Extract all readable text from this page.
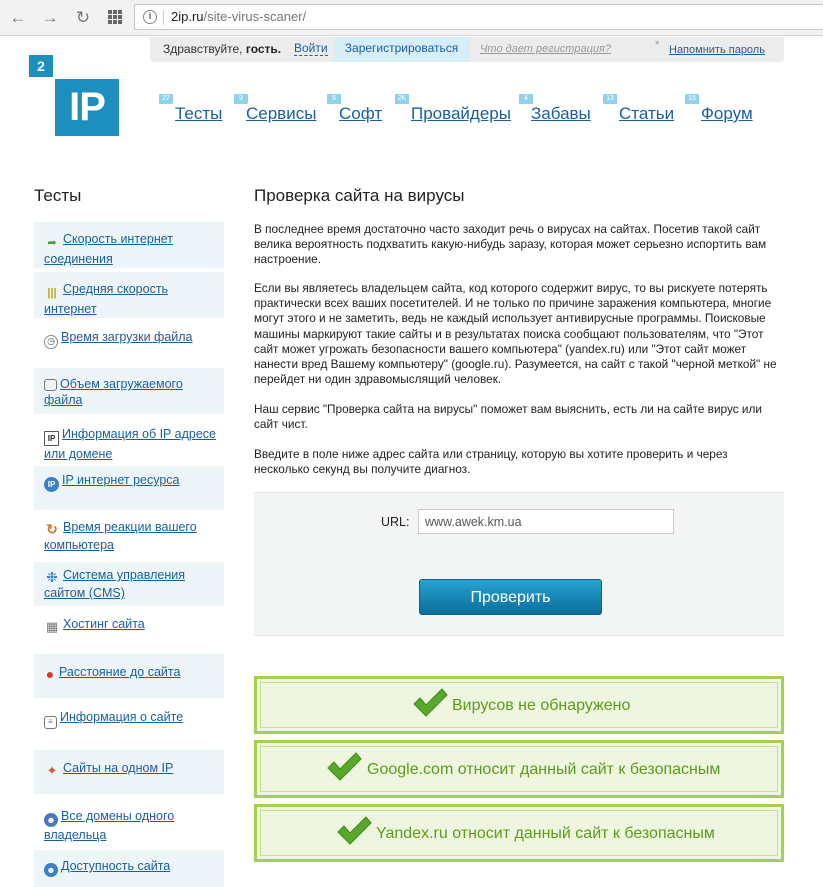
← → ↻	i	2ip.ru/site-virus-scaner/
Здравствуйте, гость. Войти	Зарегистрироваться	Что дает регистрация?	* Напомнить пароль
2
IP	27
Тесты
9
Сервисы
5
Софт
2K
Провайдеры
4
Забавы
13
Статьи
15
Форум
Тесты
➦ Скорость интернет соединения
||| Средняя скорость интернет
◷ Время загрузки файла
Объем загружаемого файла
IP Информация об IP адресе или домене
IP IP интернет ресурса
↻ Время реакции вашего компьютера
❉ Система управления сайтом (CMS)
▦ Хостинг сайта
● Расстояние до сайта
≡ Информация о сайте
✦ Сайты на одном IP
☻ Все домены одного владельца
☻ Доступность сайта
Проверка сайта на вирусы
В последнее время достаточно часто заходит речь о вирусах на сайтах. Посетив такой сайт велика вероятность подхватить какую-нибудь заразу, которая может серьезно испортить вам настроение.
Если вы являетесь владельцем сайта, код которого содержит вирус, то вы рискуете потерять практически всех ваших посетителей. И не только по причине заражения компьютера, многие могут этого и не заметить, ведь не каждый использует антивирусные программы. Поисковые машины маркируют такие сайты и в результатах поиска сообщают пользователям, что "Этот сайт может угрожать безопасности вашего компьютера" (yandex.ru) или "Этот сайт может нанести вред Вашему компьютеру" (google.ru). Разумеется, на сайт с такой "черной меткой" не перейдет ни один здравомыслящий человек.
Наш сервис "Проверка сайта на вирусы" поможет вам выяснить, есть ли на сайте вирус или сайт чист.
Введите в поле ниже адрес сайта или страницу, которую вы хотите проверить и через несколько секунд вы получите диагноз.
URL:
www.awek.km.ua
Проверить
Вирусов не обнаружено
Google.com относит данный сайт к безопасным
Yandex.ru относит данный сайт к безопасным
